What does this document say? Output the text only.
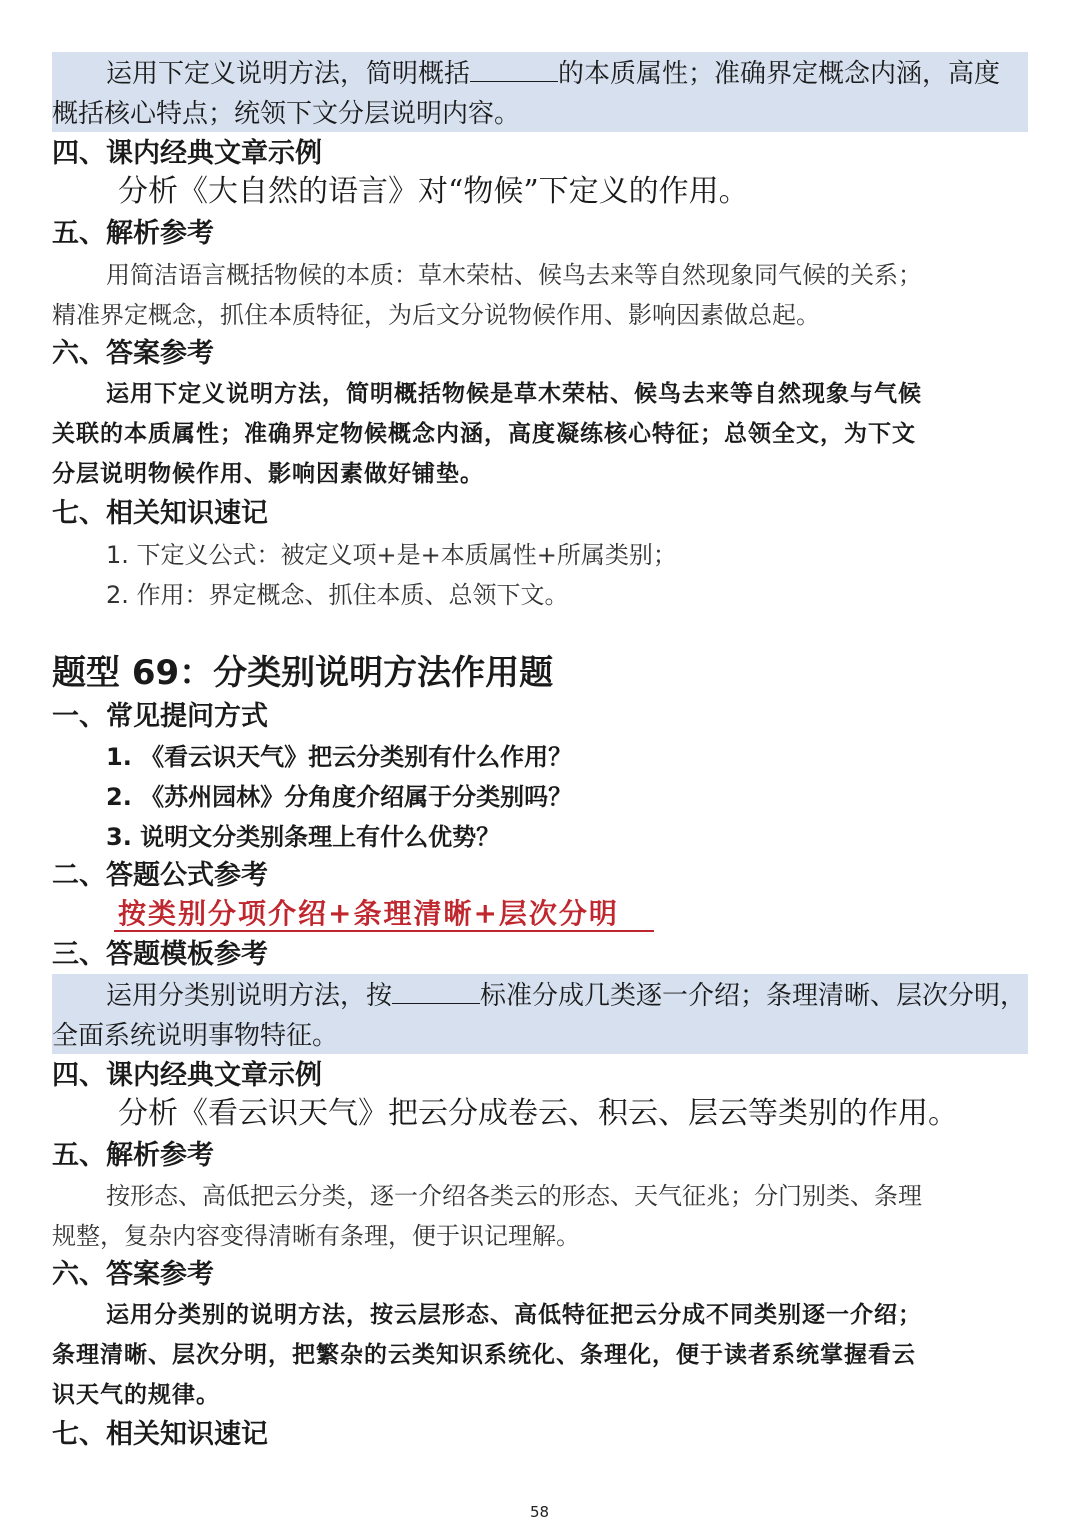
运用下定义说明方法，简明概括	的本质属性；准确界定概念内涵，高度
概括核心特点；统领下文分层说明内容。
四、课内经典文章示例
分析《大自然的语言》对“物候”下定义的作用。
五、解析参考
用简洁语言概括物候的本质：草木荣枯、候鸟去来等自然现象同气候的关系；
精准界定概念，抓住本质特征，为后文分说物候作用、影响因素做总起。
六、答案参考
运用下定义说明方法，简明概括物候是草木荣枯、候鸟去来等自然现象与气候
关联的本质属性；准确界定物候概念内涵，高度凝练核心特征；总领全文，为下文
分层说明物候作用、影响因素做好铺垫。
七、相关知识速记
1. 下定义公式：被定义项+是+本质属性+所属类别；
2. 作用：界定概念、抓住本质、总领下文。
题型 69：分类别说明方法作用题
一、常见提问方式
1. 《看云识天气》把云分类别有什么作用？
2. 《苏州园林》分角度介绍属于分类别吗？
3. 说明文分类别条理上有什么优势？
二、答题公式参考
按类别分项介绍+条理清晰+层次分明
三、答题模板参考
运用分类别说明方法，按	标准分成几类逐一介绍；条理清晰、层次分明，
全面系统说明事物特征。
四、课内经典文章示例
分析《看云识天气》把云分成卷云、积云、层云等类别的作用。
五、解析参考
按形态、高低把云分类，逐一介绍各类云的形态、天气征兆；分门别类、条理
规整，复杂内容变得清晰有条理，便于识记理解。
六、答案参考
运用分类别的说明方法，按云层形态、高低特征把云分成不同类别逐一介绍；
条理清晰、层次分明，把繁杂的云类知识系统化、条理化，便于读者系统掌握看云
识天气的规律。
七、相关知识速记
58
